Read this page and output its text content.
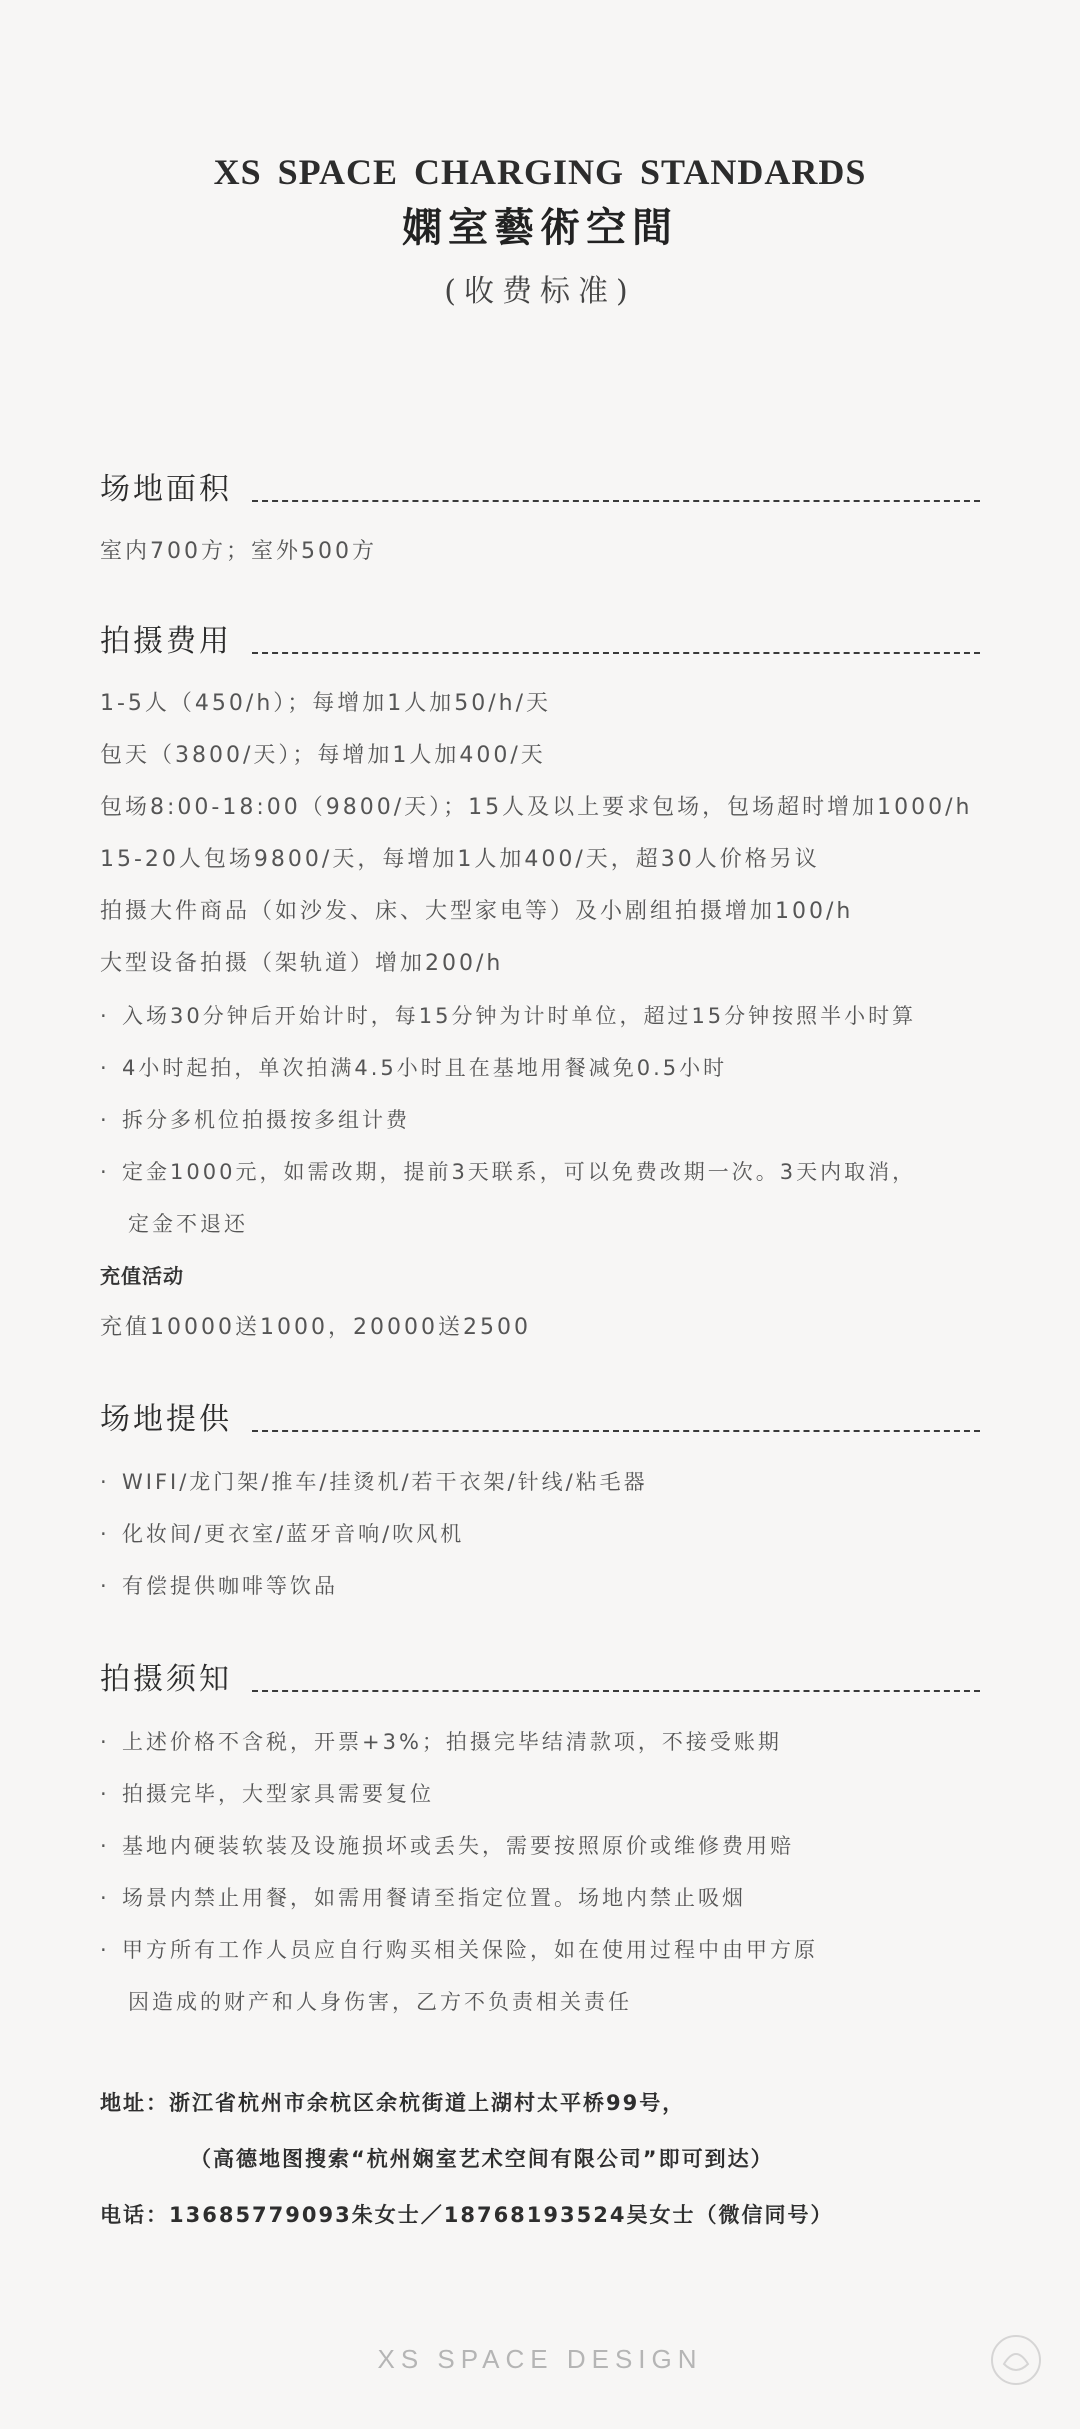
XS SPACE CHARGING STANDARDS
嫻室藝術空間
(收费标准)
场地面积
室内700方；室外500方
拍摄费用
1-5人（450/h）；每增加1人加50/h/天
包天（3800/天）；每增加1人加400/天
包场8:00-18:00（9800/天）；15人及以上要求包场，包场超时增加1000/h
15-20人包场9800/天，每增加1人加400/天，超30人价格另议
拍摄大件商品（如沙发、床、大型家电等）及小剧组拍摄增加100/h
大型设备拍摄（架轨道）增加200/h
· 入场30分钟后开始计时，每15分钟为计时单位，超过15分钟按照半小时算
· 4小时起拍，单次拍满4.5小时且在基地用餐减免0.5小时
· 拆分多机位拍摄按多组计费
· 定金1000元，如需改期，提前3天联系，可以免费改期一次。3天内取消，
定金不退还
充值活动
充值10000送1000，20000送2500
场地提供
· WIFI/龙门架/推车/挂烫机/若干衣架/针线/粘毛器
· 化妆间/更衣室/蓝牙音响/吹风机
· 有偿提供咖啡等饮品
拍摄须知
· 上述价格不含税，开票+3%；拍摄完毕结清款项，不接受账期
· 拍摄完毕，大型家具需要复位
· 基地内硬装软装及设施损坏或丢失，需要按照原价或维修费用赔
· 场景内禁止用餐，如需用餐请至指定位置。场地内禁止吸烟
· 甲方所有工作人员应自行购买相关保险，如在使用过程中由甲方原
因造成的财产和人身伤害，乙方不负责相关责任
地址：浙江省杭州市余杭区余杭街道上湖村太平桥99号，
（高德地图搜索“杭州娴室艺术空间有限公司”即可到达）
电话：13685779093朱女士／18768193524吴女士（微信同号）
XS SPACE DESIGN
